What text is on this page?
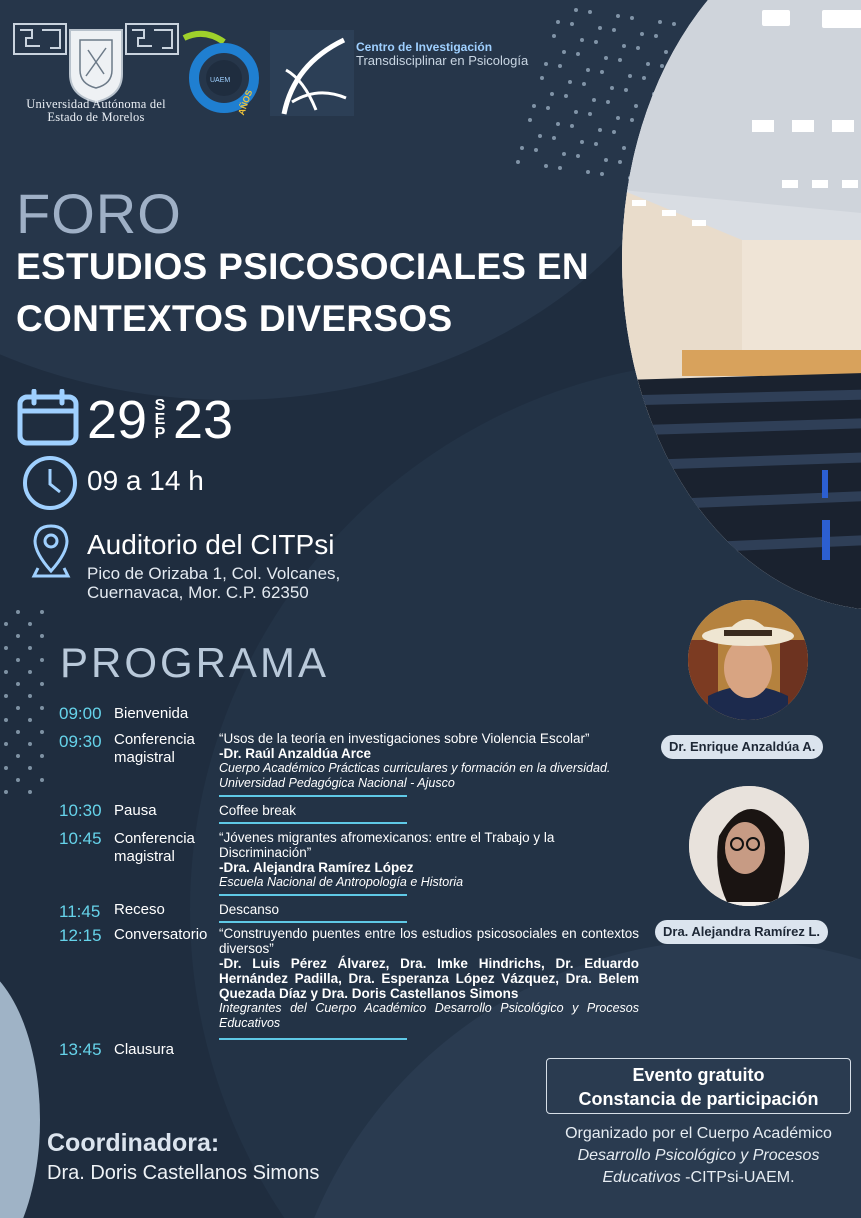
Universidad Autónoma del
Estado de Morelos
UAEM
AÑOS
Centro de Investigación
Transdisciplinar en Psicología
FORO
ESTUDIOS PSICOSOCIALES EN
CONTEXTOS DIVERSOS
29 S
E
P 23
09 a 14 h
Auditorio del CITPsi
Pico de Orizaba 1, Col. Volcanes,
Cuernavaca, Mor. C.P. 62350
PROGRAMA
09:00 Bienvenida
09:30 Conferencia magistral
“Usos de la teoría en investigaciones sobre Violencia Escolar”
-Dr. Raúl Anzaldúa Arce
Cuerpo Académico Prácticas curriculares y formación en la diversidad. Universidad Pedagógica Nacional - Ajusco
10:30 Pausa	Coffee break
10:45 Conferencia magistral
“Jóvenes migrantes afromexicanos: entre el Trabajo y la Discriminación”
-Dra. Alejandra Ramírez López
Escuela Nacional de Antropología e Historia
11:45 Receso	Descanso
12:15 Conversatorio “Construyendo puentes entre los estudios psicosociales en contextos diversos”
-Dr. Luis Pérez Álvarez, Dra. Imke Hindrichs, Dr. Eduardo Hernández Padilla, Dra. Esperanza López Vázquez, Dra. Belem Quezada Díaz y Dra. Doris Castellanos Simons
Integrantes del Cuerpo Académico Desarrollo Psicológico y Procesos Educativos
13:45 Clausura
Dr. Enrique Anzaldúa A.
Dra. Alejandra Ramírez L.
Evento gratuito
Constancia de participación
Organizado por el Cuerpo Académico
Desarrollo Psicológico y Procesos
Educativos -CITPsi-UAEM.
Coordinadora:
Dra. Doris Castellanos Simons
